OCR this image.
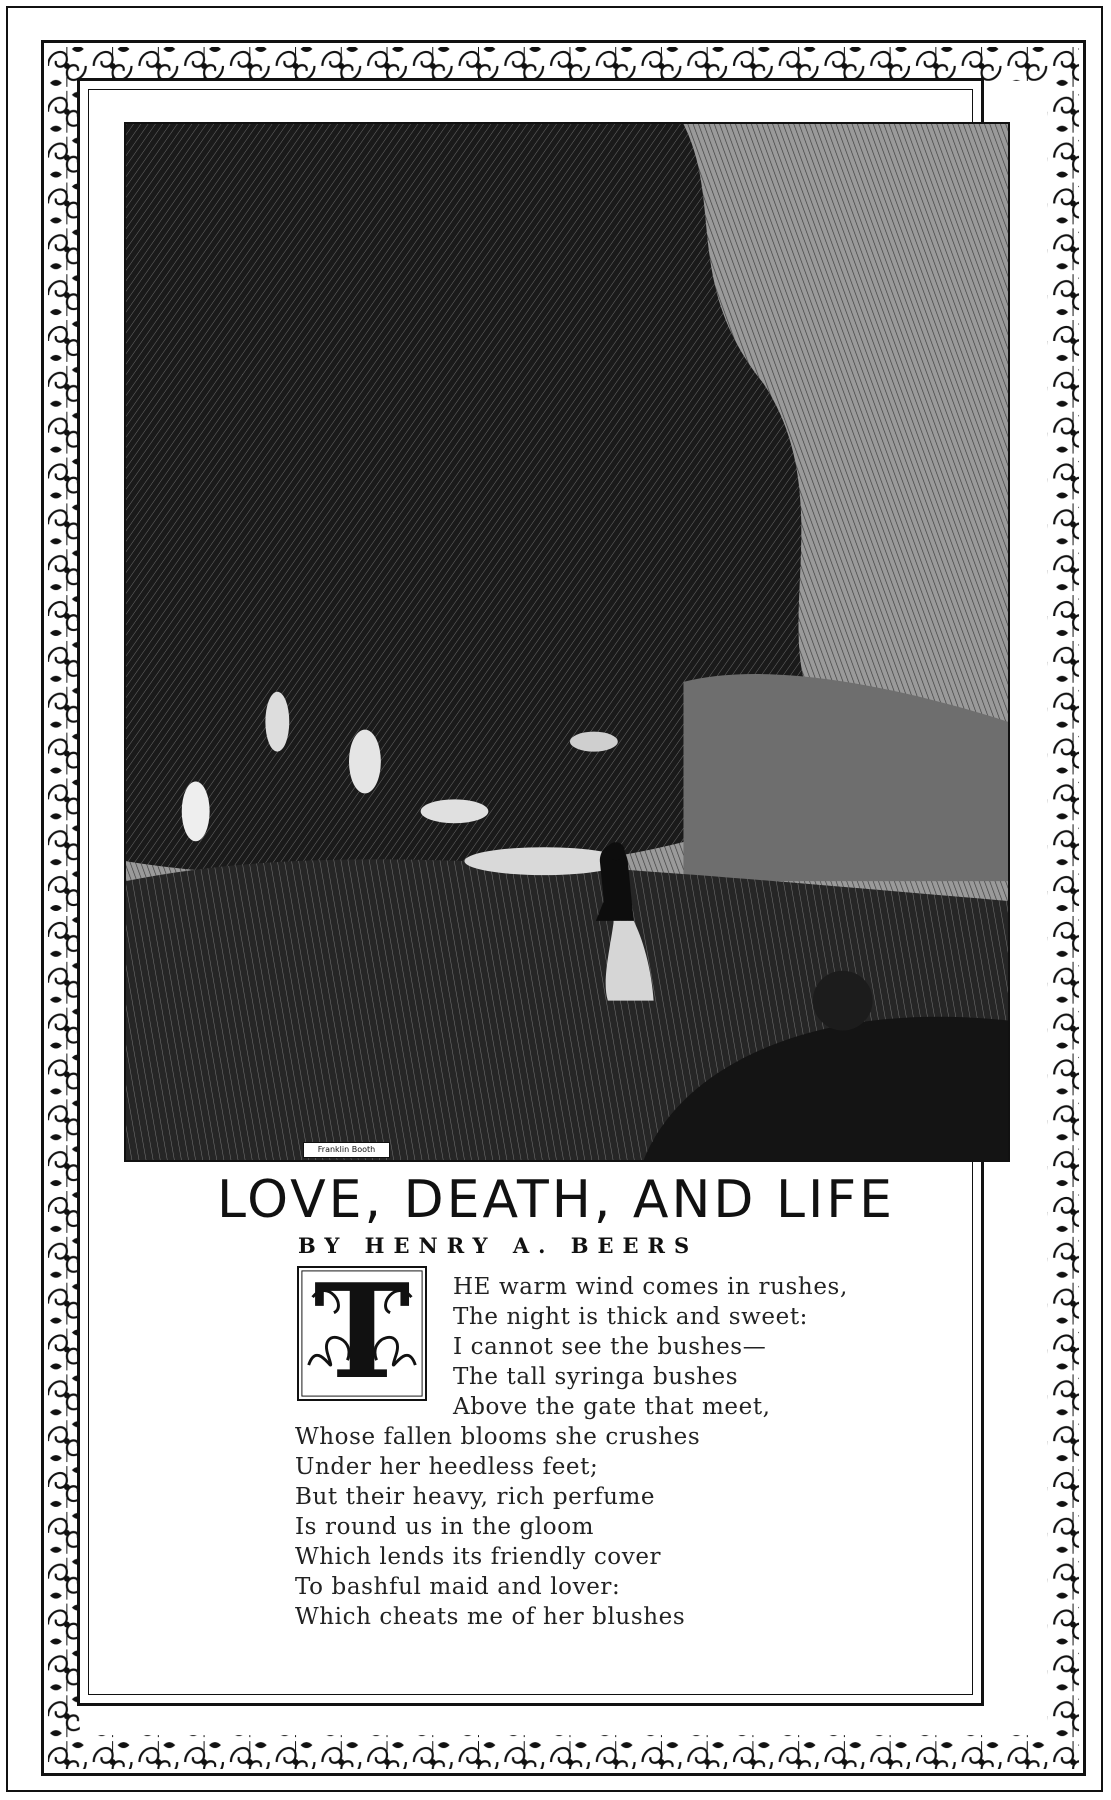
Franklin Booth
LOVE, DEATH, AND LIFE
BY HENRY A. BEERS
T	HE warm wind comes in rushes,
The night is thick and sweet:
I cannot see the bushes—
The tall syringa bushes
Above the gate that meet,
Whose fallen blooms she crushes
Under her heedless feet;
But their heavy, rich perfume
Is round us in the gloom
Which lends its friendly cover
To bashful maid and lover:
Which cheats me of her blushes
